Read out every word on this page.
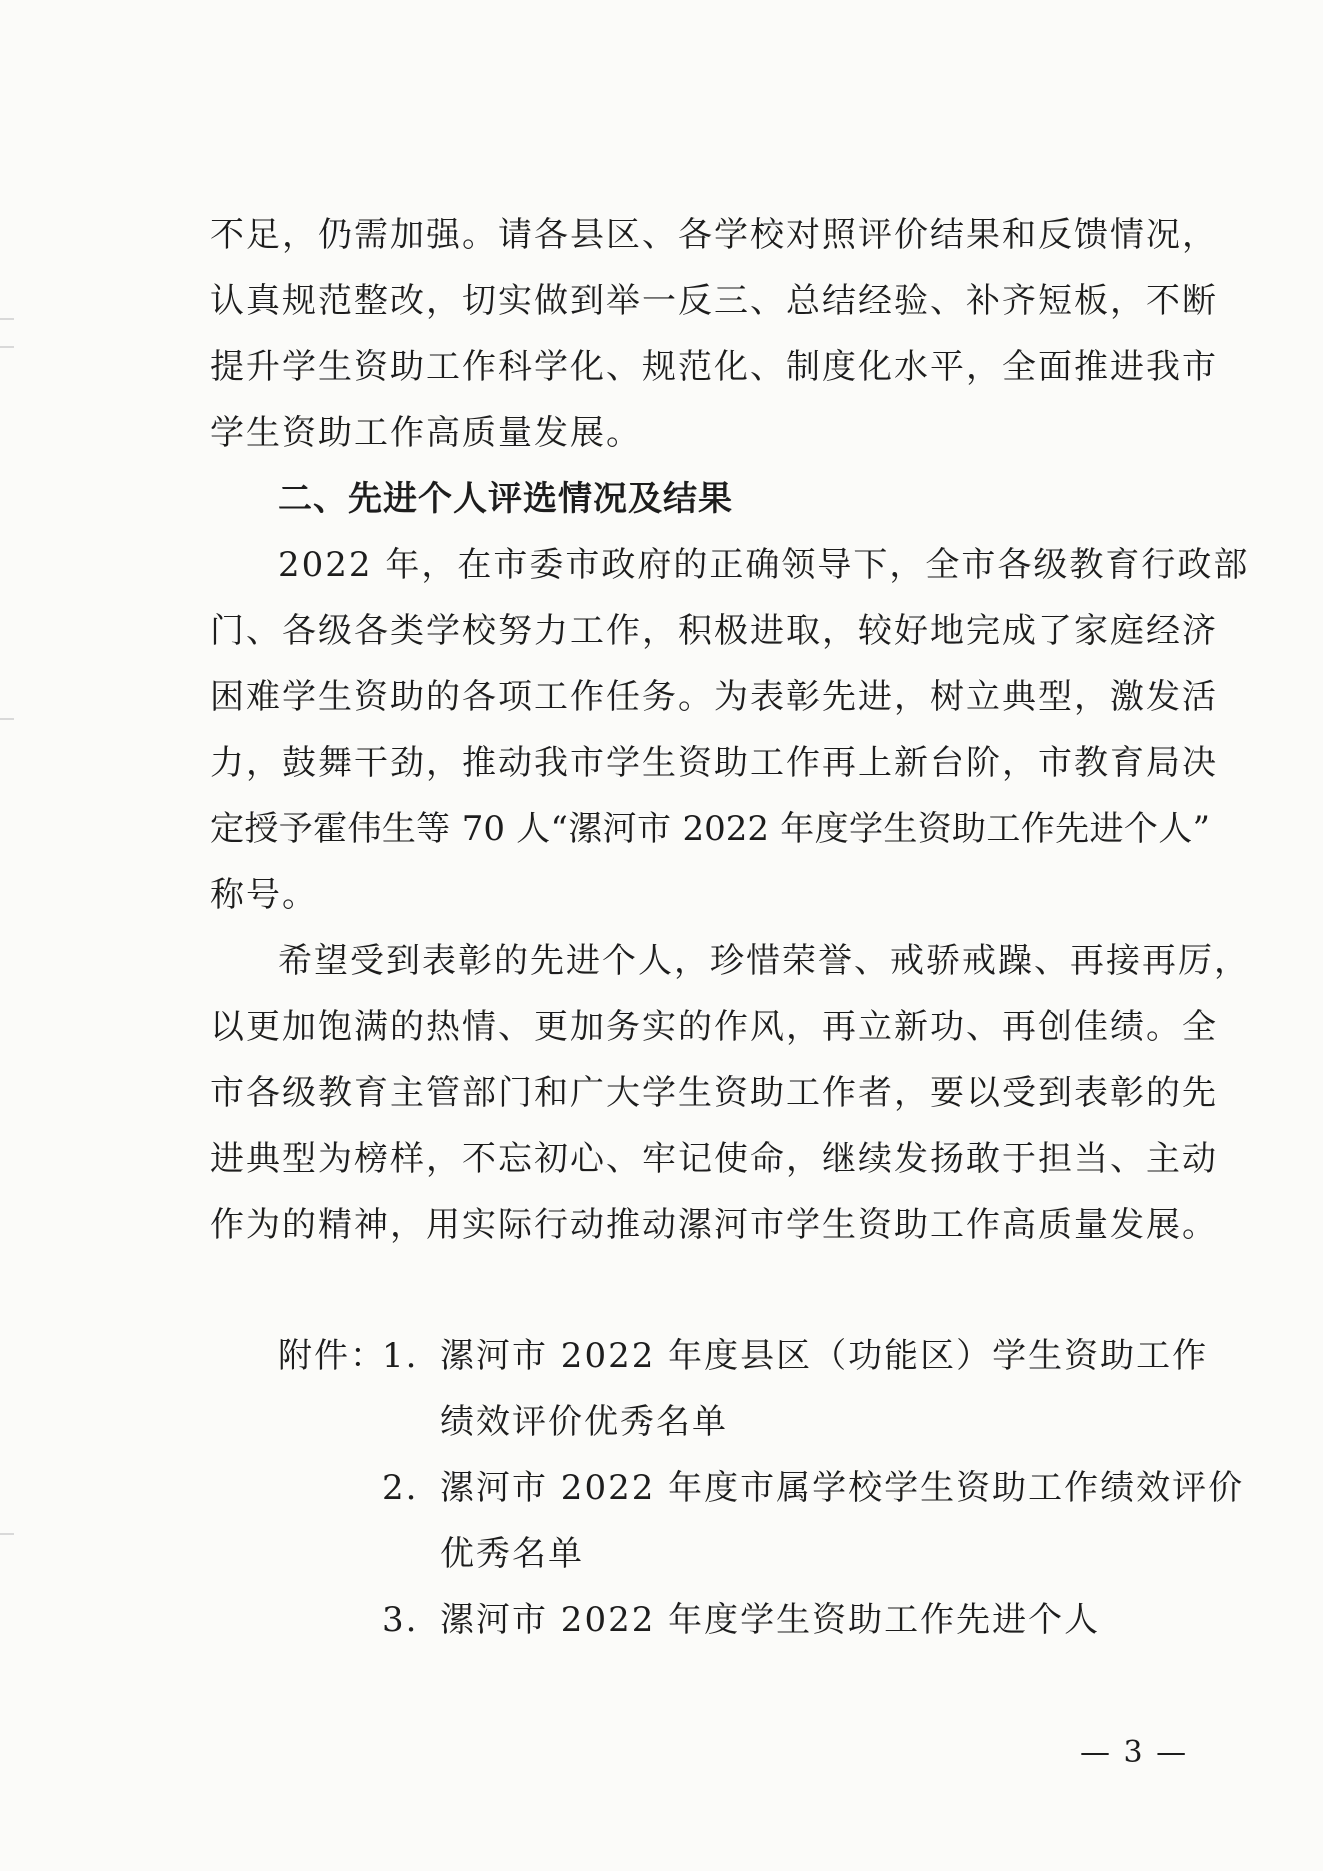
不足，仍需加强。请各县区、各学校对照评价结果和反馈情况，
认真规范整改，切实做到举一反三、总结经验、补齐短板，不断
提升学生资助工作科学化、规范化、制度化水平，全面推进我市
学生资助工作高质量发展。
二、先进个人评选情况及结果
2022 年，在市委市政府的正确领导下，全市各级教育行政部
门、各级各类学校努力工作，积极进取，较好地完成了家庭经济
困难学生资助的各项工作任务。为表彰先进，树立典型，激发活
力，鼓舞干劲，推动我市学生资助工作再上新台阶，市教育局决
定授予霍伟生等 70 人“漯河市 2022 年度学生资助工作先进个人”
称号。
希望受到表彰的先进个人，珍惜荣誉、戒骄戒躁、再接再厉，
以更加饱满的热情、更加务实的作风，再立新功、再创佳绩。全
市各级教育主管部门和广大学生资助工作者，要以受到表彰的先
进典型为榜样，不忘初心、牢记使命，继续发扬敢于担当、主动
作为的精神，用实际行动推动漯河市学生资助工作高质量发展。
附件：
1. 漯河市 2022 年度县区（功能区）学生资助工作
绩效评价优秀名单
2. 漯河市 2022 年度市属学校学生资助工作绩效评价
优秀名单
3. 漯河市 2022 年度学生资助工作先进个人
— 3 —
